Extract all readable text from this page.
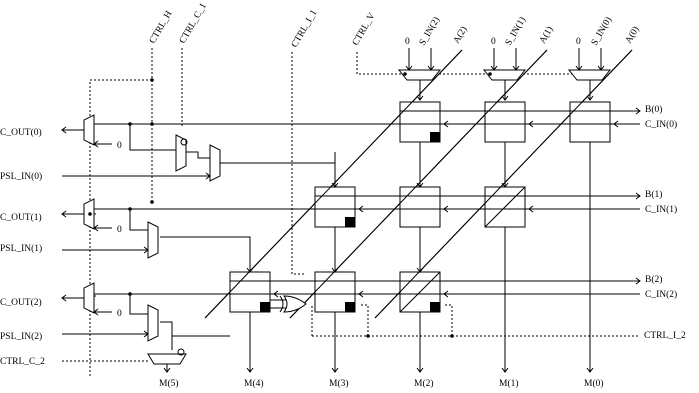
CTRL_H CTRL_C_1	CTRL_I_1	CTRL_V	0 S_IN(2) A(2) 0 S_IN(1) A(1) 0 S_IN(0) A(0)
B(0)
C_IN(0)
B(1)
C_IN(1)
B(2)
C_IN(2)
CTRL_I_2
C_OUT(0)
PSL_IN(0)
C_OUT(1)
PSL_IN(1)
C_OUT(2)
PSL_IN(2)
CTRL_C_2
0
0
0
M(5)	M(4)	M(3)	M(2)	M(1)	M(0)
